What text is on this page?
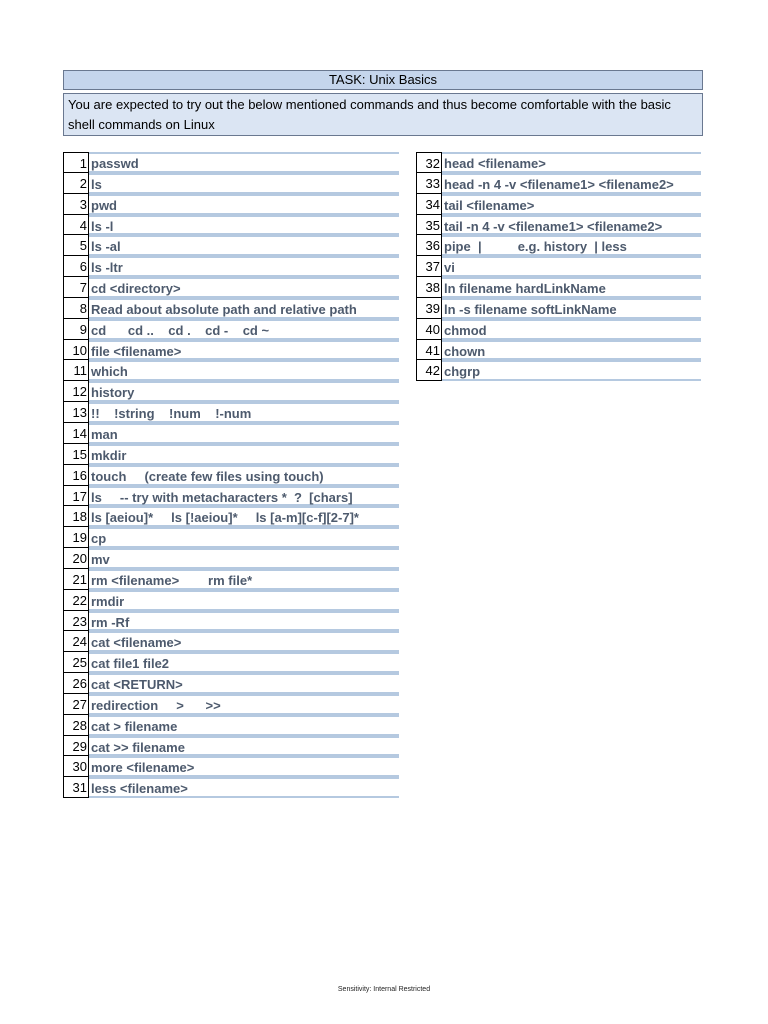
TASK: Unix Basics
You are expected to try out the below mentioned commands and thus become comfortable with the basic shell commands on Linux
1 passwd
2 ls
3 pwd
4 ls -l
5 ls -al
6 ls -ltr
7 cd <directory>
8 Read about absolute path and relative path
9 cd      cd ..    cd .    cd -    cd ~
10 file <filename>
11 which
12 history
13 !!    !string    !num    !-num
14 man
15 mkdir
16 touch     (create few files using touch)
17 ls     -- try with metacharacters *  ?  [chars]
18 ls [aeiou]*     ls [!aeiou]*     ls [a-m][c-f][2-7]*
19 cp
20 mv
21 rm <filename>        rm file*
22 rmdir
23 rm -Rf
24 cat <filename>
25 cat file1 file2
26 cat <RETURN>
27 redirection     >      >>
28 cat > filename
29 cat >> filename
30 more <filename>
31 less <filename>
32 head <filename>
33 head -n 4 -v <filename1> <filename2>
34 tail <filename>
35 tail -n 4 -v <filename1> <filename2>
36 pipe  |          e.g. history  | less
37 vi
38 ln filename hardLinkName
39 ln -s filename softLinkName
40 chmod
41 chown
42 chgrp
Sensitivity: Internal Restricted
